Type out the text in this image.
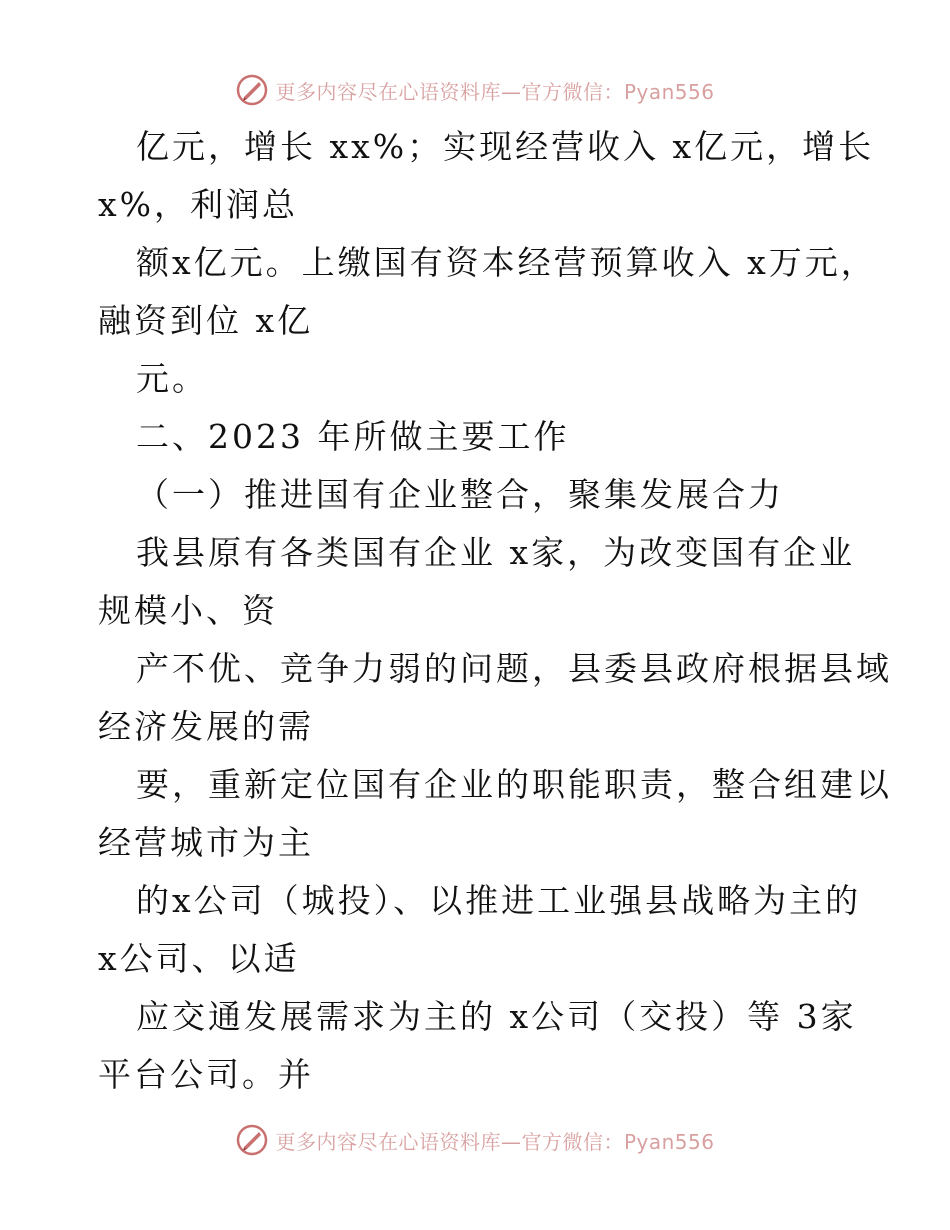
更多内容尽在心语资料库—官方微信：Pyan556
亿元，增长 xx%；实现经营收入 x亿元，增长
x%，利润总
额x亿元。上缴国有资本经营预算收入 x万元，
融资到位 x亿
元。
二、2023 年所做主要工作
（一）推进国有企业整合，聚集发展合力
我县原有各类国有企业 x家，为改变国有企业
规模小、资
产不优、竞争力弱的问题，县委县政府根据县域
经济发展的需
要，重新定位国有企业的职能职责，整合组建以
经营城市为主
的x公司（城投）、以推进工业强县战略为主的
x公司、以适
应交通发展需求为主的 x公司（交投）等 3家
平台公司。并
更多内容尽在心语资料库—官方微信：Pyan556
